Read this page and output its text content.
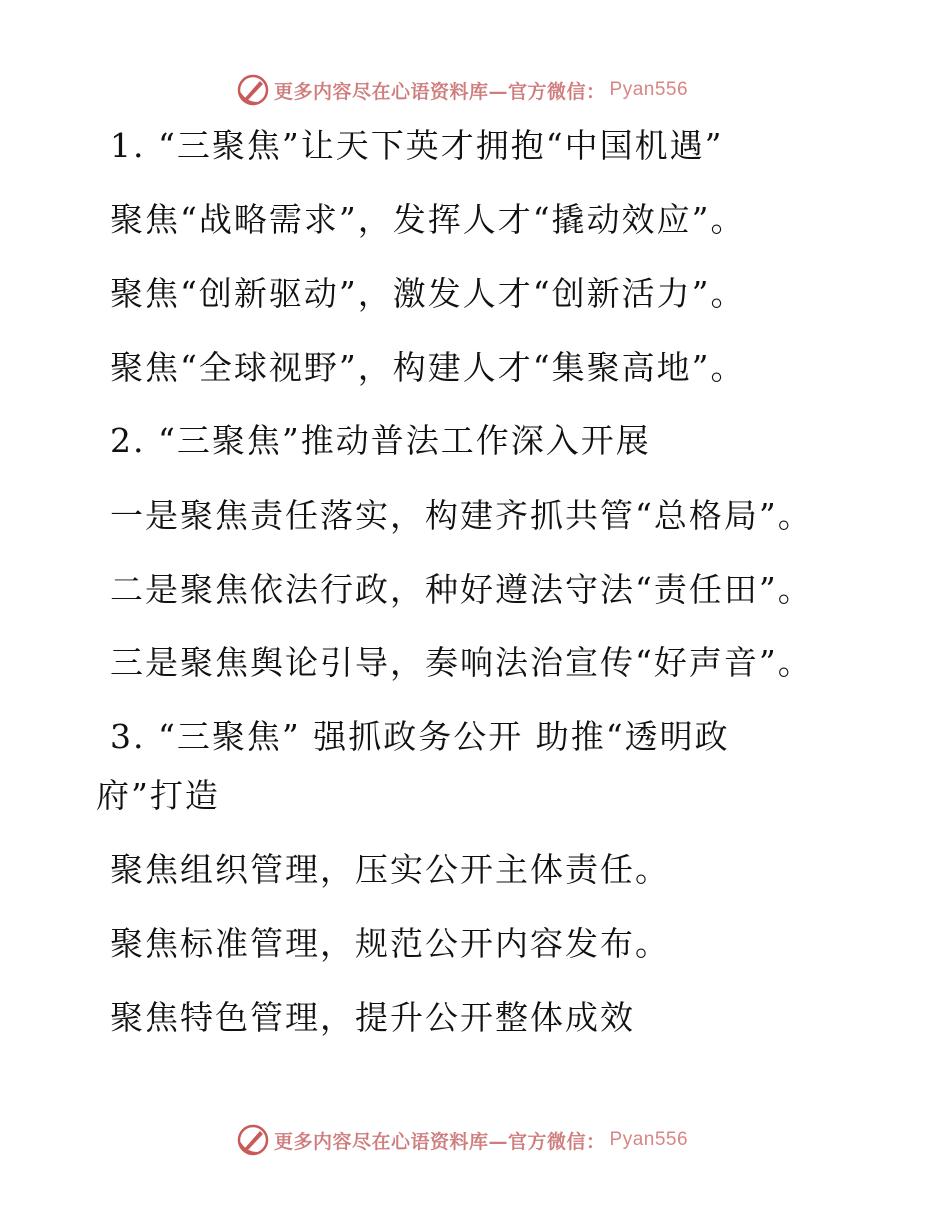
更多内容尽在心语资料库—官方微信： Pyan556
1. “三聚焦”让天下英才拥抱“中国机遇”
聚焦“战略需求”，发挥人才“撬动效应”。
聚焦“创新驱动”，激发人才“创新活力”。
聚焦“全球视野”，构建人才“集聚高地”。
2. “三聚焦”推动普法工作深入开展
一是聚焦责任落实，构建齐抓共管“总格局”。
二是聚焦依法行政，种好遵法守法“责任田”。
三是聚焦舆论引导，奏响法治宣传“好声音”。
3. “三聚焦” 强抓政务公开 助推“透明政
府”打造
聚焦组织管理，压实公开主体责任。
聚焦标准管理，规范公开内容发布。
聚焦特色管理，提升公开整体成效
更多内容尽在心语资料库—官方微信： Pyan556
